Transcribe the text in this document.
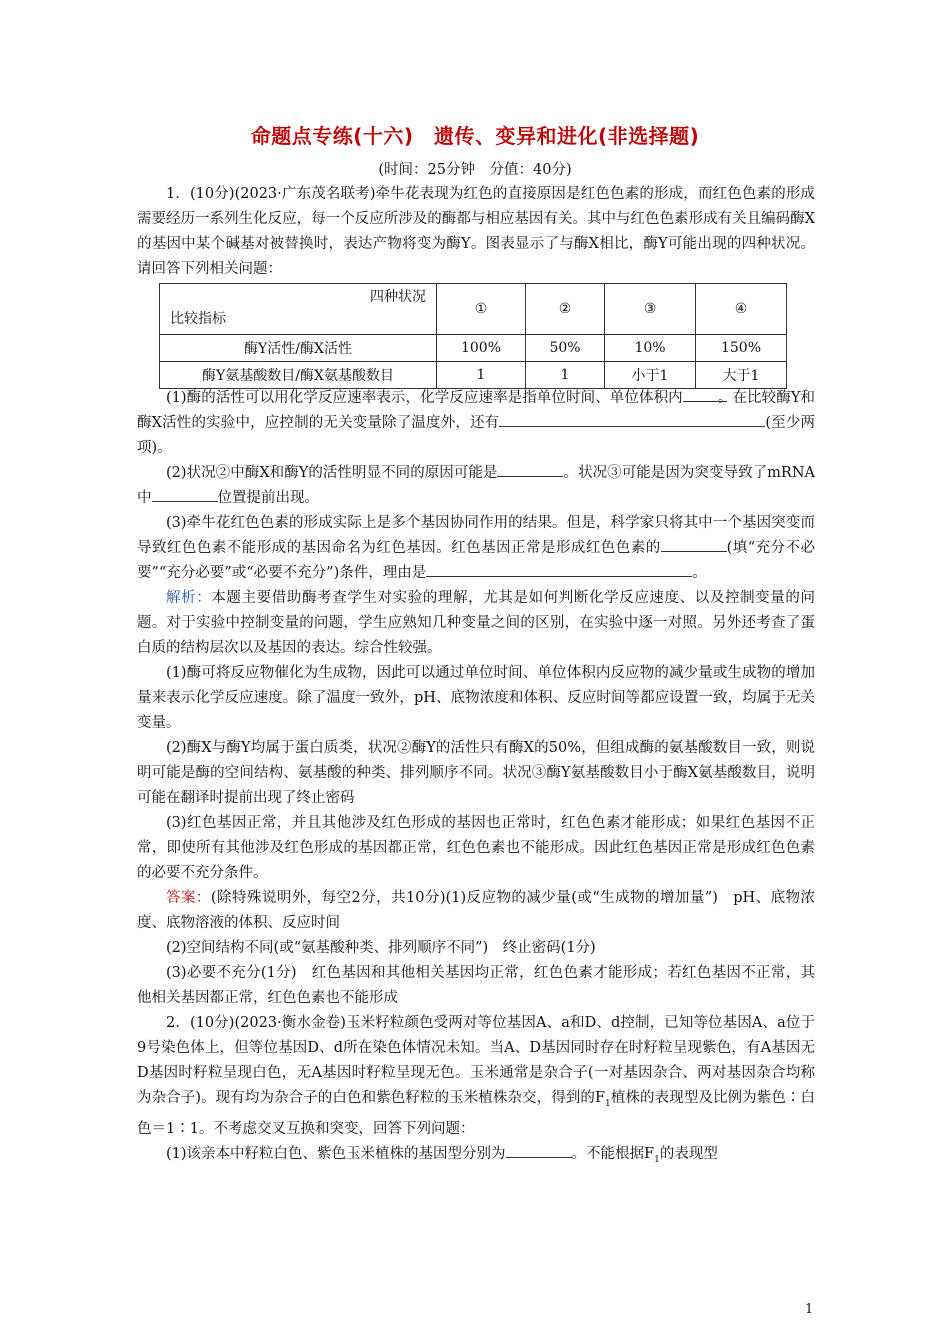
命题点专练(十六)　遗传、变异和进化(非选择题)
(时间：25分钟　分值：40分)

1．(10分)(2023·广东茂名联考)牵牛花表现为红色的直接原因是红色色素的形成，而红色色素的形成需要经历一系列生化反应，每一个反应所涉及的酶都与相应基因有关。其中与红色色素形成有关且编码酶X的基因中某个碱基对被替换时，表达产物将变为酶Y。图表显示了与酶X相比，酶Y可能出现的四种状况。请回答下列相关问题：

四种状况
比较指标	①	②	③	④
酶Y活性/酶X活性	100%	50%	10%	150%
酶Y氨基酸数目/酶X氨基酸数目	1	1	小于1	大于1

(1)酶的活性可以用化学反应速率表示，化学反应速率是指单位时间、单位体积内 。在比较酶Y和酶X活性的实验中，应控制的无关变量除了温度外，还有	(至少两项)。

(2)状况②中酶X和酶Y的活性明显不同的原因可能是	。状况③可能是因为突变导致了mRNA中	位置提前出现。

(3)牵牛花红色色素的形成实际上是多个基因协同作用的结果。但是，科学家只将其中一个基因突变而导致红色色素不能形成的基因命名为红色基因。红色基因正常是形成红色色素的	(填“充分不必要”“充分必要”或“必要不充分”)条件，理由是	。

解析：本题主要借助酶考查学生对实验的理解，尤其是如何判断化学反应速度、以及控制变量的问题。对于实验中控制变量的问题，学生应熟知几种变量之间的区别，在实验中逐一对照。另外还考查了蛋白质的结构层次以及基因的表达。综合性较强。

(1)酶可将反应物催化为生成物，因此可以通过单位时间、单位体积内反应物的减少量或生成物的增加量来表示化学反应速度。除了温度一致外，pH、底物浓度和体积、反应时间等都应设置一致，均属于无关变量。

(2)酶X与酶Y均属于蛋白质类，状况②酶Y的活性只有酶X的50%，但组成酶的氨基酸数目一致，则说明可能是酶的空间结构、氨基酸的种类、排列顺序不同。状况③酶Y氨基酸数目小于酶X氨基酸数目，说明可能在翻译时提前出现了终止密码

(3)红色基因正常，并且其他涉及红色形成的基因也正常时，红色色素才能形成；如果红色基因不正常，即使所有其他涉及红色形成的基因都正常，红色色素也不能形成。因此红色基因正常是形成红色色素的必要不充分条件。

答案：(除特殊说明外，每空2分，共10分)(1)反应物的减少量(或“生成物的增加量”)　pH、底物浓度、底物溶液的体积、反应时间

(2)空间结构不同(或“氨基酸种类、排列顺序不同”)　终止密码(1分)

(3)必要不充分(1分)　红色基因和其他相关基因均正常，红色色素才能形成；若红色基因不正常，其他相关基因都正常，红色色素也不能形成

2．(10分)(2023·衡水金卷)玉米籽粒颜色受两对等位基因A、a和D、d控制，已知等位基因A、a位于9号染色体上，但等位基因D、d所在染色体情况未知。当A、D基因同时存在时籽粒呈现紫色，有A基因无D基因时籽粒呈现白色，无A基因时籽粒呈现无色。玉米通常是杂合子(一对基因杂合、两对基因杂合均称为杂合子)。现有均为杂合子的白色和紫色籽粒的玉米植株杂交，得到的$F_1$植株的表现型及比例为紫色∶白色＝1∶1。不考虑交叉互换和突变，回答下列问题：

(1)该亲本中籽粒白色、紫色玉米植株的基因型分别为	。不能根据$F_1$的表现型

1
